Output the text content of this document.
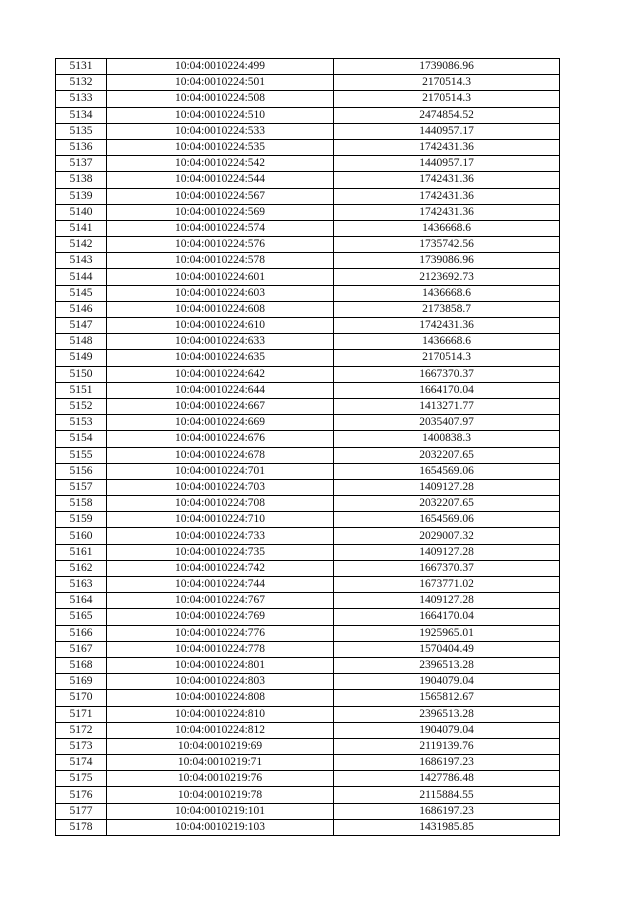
5131	10:04:0010224:499	1739086.96
5132	10:04:0010224:501	2170514.3
5133	10:04:0010224:508	2170514.3
5134	10:04:0010224:510	2474854.52
5135	10:04:0010224:533	1440957.17
5136	10:04:0010224:535	1742431.36
5137	10:04:0010224:542	1440957.17
5138	10:04:0010224:544	1742431.36
5139	10:04:0010224:567	1742431.36
5140	10:04:0010224:569	1742431.36
5141	10:04:0010224:574	1436668.6
5142	10:04:0010224:576	1735742.56
5143	10:04:0010224:578	1739086.96
5144	10:04:0010224:601	2123692.73
5145	10:04:0010224:603	1436668.6
5146	10:04:0010224:608	2173858.7
5147	10:04:0010224:610	1742431.36
5148	10:04:0010224:633	1436668.6
5149	10:04:0010224:635	2170514.3
5150	10:04:0010224:642	1667370.37
5151	10:04:0010224:644	1664170.04
5152	10:04:0010224:667	1413271.77
5153	10:04:0010224:669	2035407.97
5154	10:04:0010224:676	1400838.3
5155	10:04:0010224:678	2032207.65
5156	10:04:0010224:701	1654569.06
5157	10:04:0010224:703	1409127.28
5158	10:04:0010224:708	2032207.65
5159	10:04:0010224:710	1654569.06
5160	10:04:0010224:733	2029007.32
5161	10:04:0010224:735	1409127.28
5162	10:04:0010224:742	1667370.37
5163	10:04:0010224:744	1673771.02
5164	10:04:0010224:767	1409127.28
5165	10:04:0010224:769	1664170.04
5166	10:04:0010224:776	1925965.01
5167	10:04:0010224:778	1570404.49
5168	10:04:0010224:801	2396513.28
5169	10:04:0010224:803	1904079.04
5170	10:04:0010224:808	1565812.67
5171	10:04:0010224:810	2396513.28
5172	10:04:0010224:812	1904079.04
5173	10:04:0010219:69	2119139.76
5174	10:04:0010219:71	1686197.23
5175	10:04:0010219:76	1427786.48
5176	10:04:0010219:78	2115884.55
5177	10:04:0010219:101	1686197.23
5178	10:04:0010219:103	1431985.85
